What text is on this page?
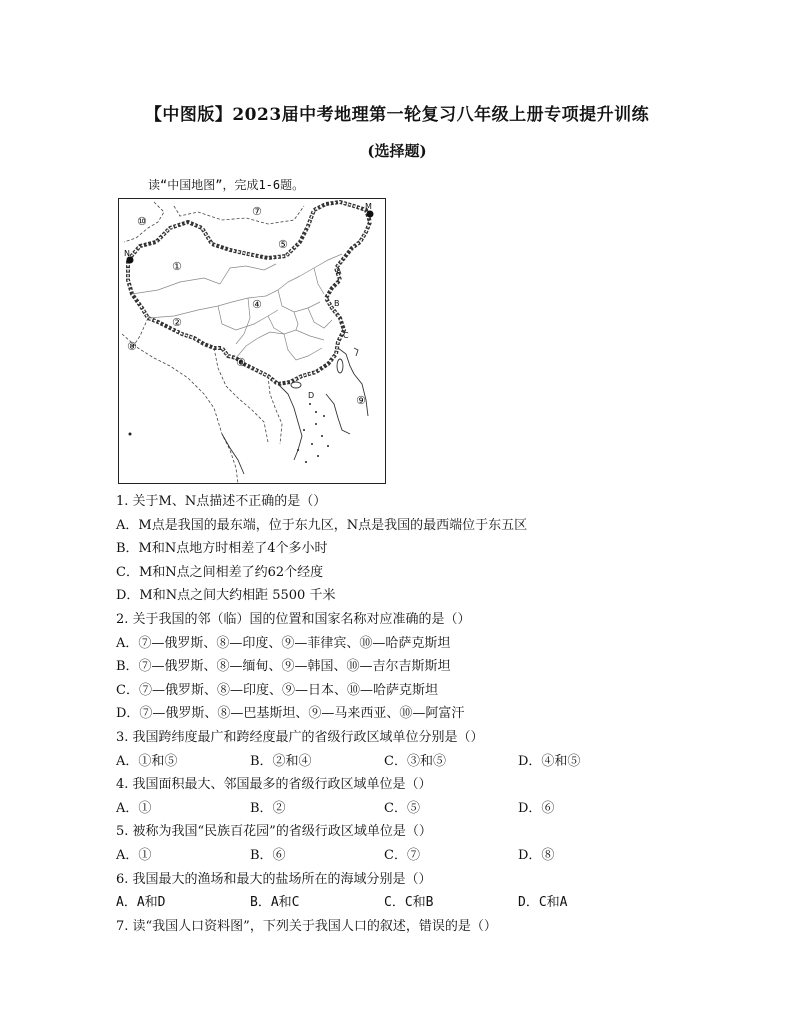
【中图版】2023届中考地理第一轮复习八年级上册专项提升训练
(选择题)
读“中国地图”，完成1-6题。
⑩
⑦	M
N
①
⑤
④
A
B
②
C
⑧
⑥
D	⑨
1. 关于M、N点描述不正确的是（）
A．M点是我国的最东端，位于东九区，N点是我国的最西端位于东五区
B．M和N点地方时相差了4个多小时
C．M和N点之间相差了约62个经度
D．M和N点之间大约相距 5500 千米
2. 关于我国的邻（临）国的位置和国家名称对应准确的是（）
A．⑦—俄罗斯、⑧—印度、⑨—菲律宾、⑩—哈萨克斯坦
B．⑦—俄罗斯、⑧—缅甸、⑨—韩国、⑩—吉尔吉斯斯坦
C．⑦—俄罗斯、⑧—印度、⑨—日本、⑩—哈萨克斯坦
D．⑦—俄罗斯、⑧—巴基斯坦、⑨—马来西亚、⑩—阿富汗
3. 我国跨纬度最广和跨经度最广的省级行政区域单位分别是（）
A．①和⑤	B．②和④	C．③和⑤	D．④和⑤
4. 我国面积最大、邻国最多的省级行政区域单位是（）
A．①	B．②	C．⑤	D．⑥
5. 被称为我国“民族百花园”的省级行政区域单位是（）
A．①	B．⑥	C．⑦	D．⑧
6. 我国最大的渔场和最大的盐场所在的海域分别是（）
A．A和D	B．A和C	C．C和B	D．C和A
7. 读“我国人口资料图”，下列关于我国人口的叙述，错误的是（）
